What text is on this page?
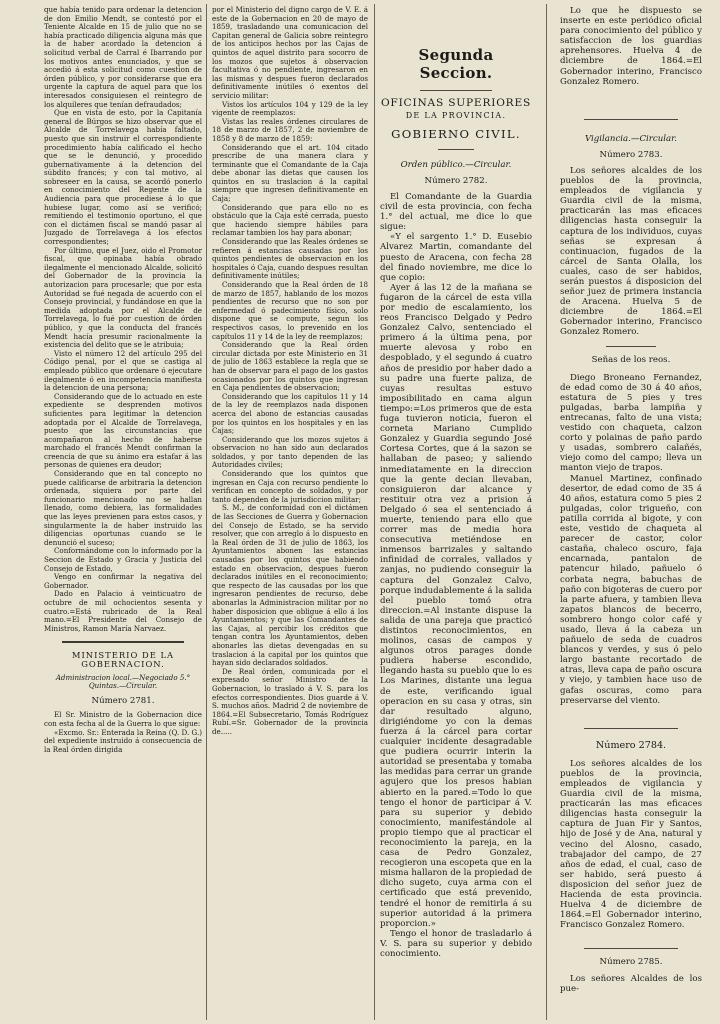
que había tenido para ordenar la detencion de don Emilio Mendt, se contestó por el Teniente Alcalde en 15 de julio que no se había practicado diligencia alguna más que la de haber acordado la detencion á solicitud verbal de Carral é Ibarrando por los motivos antes enunciados, y que se accedió á esta solicitud como cuestion de órden público, y por considerarse que era urgente la captura de aquel para que los interesados consiguiesen el reintegro de los alquileres que tenían defraudados;

Que en vista de esto, por la Capitanía general de Búrgos se hizo observar que el Alcalde de Torrelavega había faltado, puesto que sin instruir el correspondiente procedimiento había calificado el hecho que se le denunció, y procedido gubernativamente á la detencion del súbdito francés; y con tal motivo, al sobreseer en la causa, se acordó ponerlo en conocimiento del Regente de la Audiencia para que procediese á lo que hubiese lugar, como así se verificó; remitiendo el testimonio oportuno, el que con el dictámen fiscal se mandó pasar al Juzgado de Torrelavega á los efectos correspondientes;

Por último, que el Juez, oido el Promotor fiscal, que opinaba había obrado ilegalmente el mencionado Alcalde, solicitó del Gobernador de la provincia la autorizacion para procesarle; que por esta Autoridad se fué negada de acuerdo con el Consejo provincial, y fundándose en que la medida adoptada por el Alcalde de Torrelavega, lo fué por cuestion de órden público, y que la conducta del francés Mendt hacía presumir racionalmente la existencia del delito que se le atribuia;

Visto el número 12 del artículo 295 del Código penal, por el que se castiga al empleado público que ordenare ó ejecutare ilegalmente ó en incompetencia manifiesta la detencion de una persona;

Considerando que de lo actuado en este expediente se desprenden motivos suficientes para legitimar la detencion adoptada por el Alcalde de Torrelavega, puesto que las circunstancias que acompañaron al hecho de haberse marchado el francés Mendt confirman la creencia de que su ánimo era estafar á las personas de quienes era deudor;

Considerando que en tal concepto no puede calificarse de arbitraria la detencion ordenada, siquiera por parte del funcionario mencionado no se hallan llenado, como debiera, las formalidades que las leyes previenen para estos casos, y singularmente la de haber instruido las diligencias oportunas cuando se le denunció el suceso;

Conformándome con lo informado por la Seccion de Estado y Gracia y Justicia del Consejo de Estado,

Vengo en confirmar la negativa del Gobernador.

Dado en Palacio á veinticuatro de octubre de mil ochocientos sesenta y cuatro.=Está rubricado de la Real mano.=El Presidente del Consejo de Ministros, Ramon María Narvaez.

MINISTERIO DE LA GOBERNACION.

Administracion local.—Negociado 5.° Quintas.—Circular.

Número 2781.

El Sr. Ministro de la Gobernacion dice con esta fecha al de la Guerra lo que sigue:

«Excmo. Sr.: Enterada la Reina (Q. D. G.) del expediente instruido á consecuencia de la Real órden dirigida

por el Ministerio del digno cargo de V. E. á este de la Gobernacion en 20 de mayo de 1859, trasladando una comunicacion del Capitan general de Galicia sobre reintegro de los anticipos hechos por las Cajas de quintos de aquel distrito para socorro de los mozos que sujetos á observacion facultativa ó no pendiente, ingresaron en las mismas y despues fueron declarados definitivamente inútiles ó exentos del servicio militar:

Vistos los artículos 104 y 129 de la ley vigente de reemplazos:

Vistas las reales órdenes circulares de 18 de marzo de 1857, 2 de noviembre de 1858 y 8 de marzo de 1859:

Considerando que el art. 104 citado prescribe de una manera clara y terminante que el Comandante de la Caja debe abonar las dietas que causen los quintos en su traslacion á la capital siempre que ingresen definitivamente en Caja;

Considerando que para ello no es obstáculo que la Caja esté cerrada, puesto que haciendo siempre hábiles para reclamar tambien los hay para abonar;

Considerando que las Reales órdenes se refieren á estancias causadas por los quintos pendientes de observacion en los hospitales ó Caja, cuando despues resultan definitivamente inútiles;

Considerando que la Real órden de 18 de marzo de 1857, hablando de los mozos pendientes de recurso que no son por enfermedad ó padecimiento físico, solo dispone que se compute, segun los respectivos casos, lo prevenido en los capítulos 11 y 14 de la ley de reemplazos;

Considerando que la Real órden circular dictada por este Ministerio en 31 de julio de 1863 establece la regla que se han de observar para el pago de los gastos ocasionados por los quintos que ingresan en Caja pendientes de observacion;

Considerando que los capítulos 11 y 14 de la ley de reemplazos nada disponen acerca del abono de estancias causadas por los quintos en los hospitales y en las Cajas;

Considerando que los mozos sujetos á observacion no han sido aun declarados soldados, y por tanto dependen de las Autoridades civiles;

Considerando que los quintos que ingresan en Caja con recurso pendiente lo verifican en concepto de soldados, y por tanto dependen de la jurisdiccion militar;

S. M., de conformidad con el dictámen de las Secciones de Guerra y Gobernacion del Consejo de Estado, se ha servido resolver, que con arreglo á lo dispuesto en la Real órden de 31 de julio de 1863, los Ayuntamientos abonen las estancias causadas por los quintos que habiendo estado en observacion, despues fueron declarados inútiles en el reconocimiento; que respecto de las causadas por los que ingresaron pendientes de recurso, debe abonarlas la Administracion militar por no haber disposicion que obligue á ello á los Ayuntamientos; y que las Comandantes de las Cajas, al percibir los créditos que tengan contra los Ayuntamientos, deben abonarles las dietas devengadas en su traslacion á la capital por los quintos que hayan sido declarados soldados.

De Real órden, comunicada por el expresado señor Ministro de la Gobernacion, lo traslado á V. S. para los efectos correspondientes. Dios guarde á V. S. muchos años. Madrid 2 de noviembre de 1864.=El Subsecretario, Tomás Rodríguez Rubí.=Sr. Gobernador de la provincia de.....

Segunda Seccion.
OFICINAS SUPERIORES
DE LA PROVINCIA.
GOBIERNO CIVIL.

Orden público.—Circular.

Número 2782.

El Comandante de la Guardia civil de esta provincia, con fecha 1.° del actual, me dice lo que sigue:

«Y el sargento 1.° D. Eusebio Alvarez Martin, comandante del puesto de Aracena, con fecha 28 del finado noviembre, me dice lo que copio:

Ayer á las 12 de la mañana se fugaron de la cárcel de esta villa por medio de escalamiento, los reos Francisco Delgado y Pedro Gonzalez Calvo, sentenciado el primero á la última pena, por muerte alevosa y robo en despoblado, y el segundo á cuatro años de presidio por haber dado a su padre una fuerte paliza, de cuyas resultas estuvo imposibilitado en cama algun tiempo:=Los primeros que de esta fuga tuvieron noticia, fueron el corneta Mariano Cumplido Gonzalez y Guardia segundo José Cortesa Cortes, que á la sazon se hallaban de paseo; y saliendo inmediatamente en la direccion que la gente decian llevaban, consiguieron dar alcance y restituir otra vez a prision á Delgado ó sea el sentenciado á muerte, teniendo para ello que correr mas de media hora consecutiva metiéndose en inmensos barrizales y saltando infinidad de corrales, vallados y zanjas, no pudiendo conseguir la captura del Gonzalez Calvo, porque indudablemente á la salida del pueblo tomó otra direccion.=Al instante dispuse la salida de una pareja que practicó distintos reconocimientos, en molinos, casas de campos y algunos otros parages donde pudiera haberse escondido, llegando hasta su pueblo que lo es Los Marines, distante una legua de este, verificando igual operacion en su casa y otras, sin dar resultado alguno, dirigiéndome yo con la demas fuerza á la cárcel para cortar cualquier incidente desagradable que pudiera ocurrir interin la autoridad se presentaba y tomaba las medidas para cerrar un grande agujero que los presos habian abierto en la pared.=Todo lo que tengo el honor de participar á V. para su superior y debido conocimiento, manifestándole al propio tiempo que al practicar el reconocimiento la pareja, en la casa de Pedro Gonzalez, recogieron una escopeta que en la misma hallaron de la propiedad de dicho sugeto, cuya arma con el certificado que está prevenido, tendré el honor de remitirla á su superior autoridad á la primera proporcion.»

Tengo el honor de trasladarlo á V. S. para su superior y debido conocimiento.

Lo que he dispuesto se inserte en este periódico oficial para conocimiento del público y satisfaccion de los guardias aprehensores. Huelva 4 de diciembre de 1864.=El Gobernador interino, Francisco Gonzalez Romero.

Vigilancia.—Circular.

Número 2783.

Los señores alcaldes de los pueblos de la provincia, empleados de vigilancia y Guardia civil de la misma, practicarán las mas eficaces diligencias hasta conseguir la captura de los individuos, cuyas señas se expresan á continuacion, fugados de la cárcel de Santa Olalla, los cuales, caso de ser habidos, serán puestos á disposicion del señor juez de primera instancia de Aracena. Huelva 5 de diciembre de 1864.=El Gobernador interino, Francisco Gonzalez Romero.

Señas de los reos.

Diego Broneano Fernandez, de edad como de 30 á 40 años, estatura de 5 pies y tres pulgadas, barba lampiña y entrecanas, falto de una vista; vestido con chaqueta, calzon corto y polainas de paño pardo y usadas, sombrero calañés, viejo como del campo; lleva un manton viejo de trapos.

Manuel Martinez, confinado desertor, de edad como de 35 á 40 años, estatura como 5 pies 2 pulgadas, color trigueño, con patilla corrida al bigote, y con este, vestido de chaqueta al parecer de castor, color castaña, chaleco oscuro, faja encarnada, pantalon de patencur hilado, pañuelo ó corbata negra, babuchas de paño con bigoteras de cuero por la parte afuera, y tambien lleva zapatos blancos de becerro, sombrero hongo color café y usado, lleva á la cabeza un pañuelo de seda de cuadros blancos y verdes, y sus ó pelo largo bastante recortado de atras, lleva capa de paño oscura y viejo, y tambien hace uso de gafas oscuras, como para preservarse del viento.

Número 2784.

Los señores alcaldes de los pueblos de la provincia, empleados de vigilancia y Guardia civil de la misma, practicarán las mas eficaces diligencias hasta conseguir la captura de Juan Fir y Santos, hijo de José y de Ana, natural y vecino del Alosno, casado, trabajador del campo, de 27 años de edad, el cual, caso de ser habido, será puesto á disposicion del señor juez de Hacienda de esta provincia. Huelva 4 de diciembre de 1864.=El Gobernador interino, Francisco Gonzalez Romero.

Número 2785.

Los señores Alcaldes de los pue-
